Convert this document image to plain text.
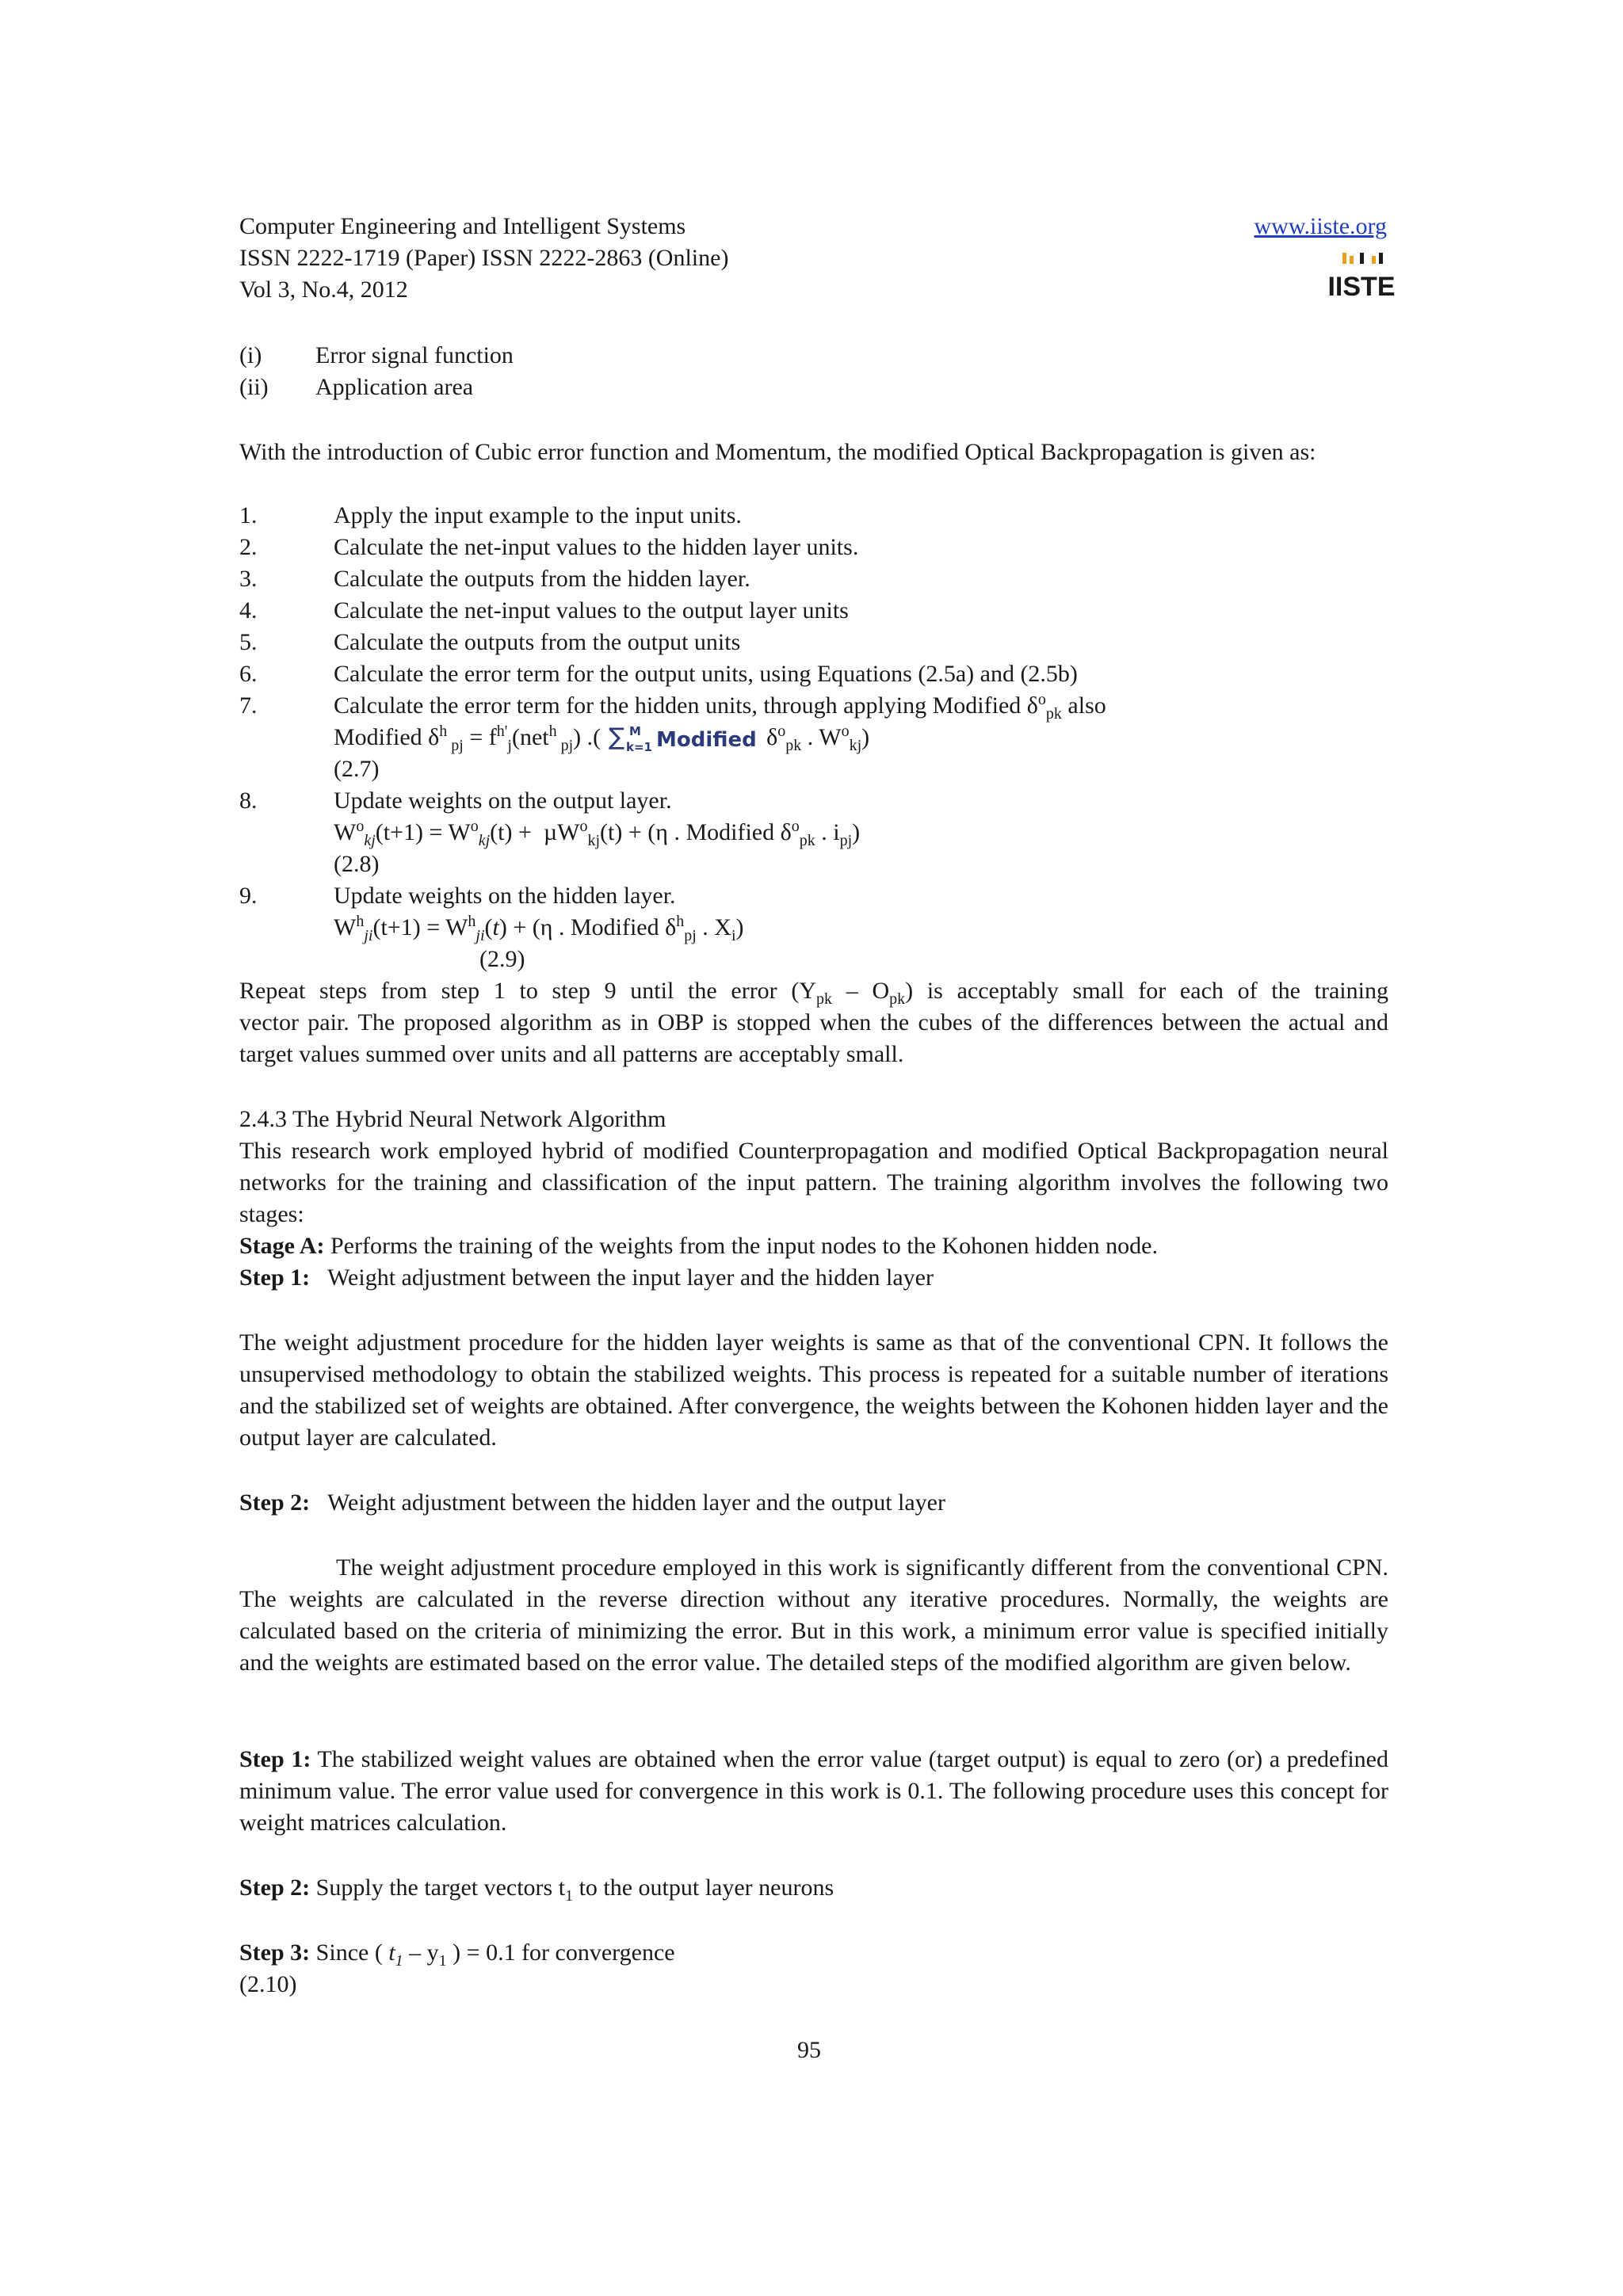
Computer Engineering and Intelligent Systems
ISSN 2222-1719 (Paper) ISSN 2222-2863 (Online)
Vol 3, No.4, 2012
www.iiste.org
IISTE
(i) Error signal function
(ii) Application area
With the introduction of Cubic error function and Momentum, the modified Optical Backpropagation is given as:
1.	Apply the input example to the input units.
2.	Calculate the net-input values to the hidden layer units.
3.	Calculate the outputs from the hidden layer.
4.	Calculate the net-input values to the output layer units
5.	Calculate the outputs from the output units
6.	Calculate the error term for the output units, using Equations (2.5a) and (2.5b)
7.	Calculate the error term for the hidden units, through applying Modified $\delta^o_{pk}$ also
Modified $\delta^h$ $_{pj} = f^{h'}_j(net^h$ $_{pj}$) .( ∑ M
k=1 Modified $\delta^o_{pk}$ . $W^o_{kj}$)
(2.7)
8.	Update weights on the output layer.
$W^o_{kj}(t+1) = W^o_{kj}(t) + \mu W^o_{kj}(t) + (\eta$ . Modified $\delta^o_{pk}$ . $i_{pj}$)
(2.8)
9.	Update weights on the hidden layer.
$W^h_{ji}(t+1) = W^h_{ji}(t) + (\eta$ . Modified $\delta^h_{pj}$ . $X_i$)
(2.9)
Repeat steps from step 1 to step 9 until the error $(Y_{pk} - O_{pk})$ is acceptably small for each of the training
vector pair. The proposed algorithm as in OBP is stopped when the cubes of the differences between the actual and target values summed over units and all patterns are acceptably small.
2.4.3 The Hybrid Neural Network Algorithm
This research work employed hybrid of modified Counterpropagation and modified Optical Backpropagation neural networks for the training and classification of the input pattern. The training algorithm involves the following two stages:
Stage A: Performs the training of the weights from the input nodes to the Kohonen hidden node.
Step 1: Weight adjustment between the input layer and the hidden layer
The weight adjustment procedure for the hidden layer weights is same as that of the conventional CPN. It follows the unsupervised methodology to obtain the stabilized weights. This process is repeated for a suitable number of iterations and the stabilized set of weights are obtained. After convergence, the weights between the Kohonen hidden layer and the output layer are calculated.
Step 2: Weight adjustment between the hidden layer and the output layer
The weight adjustment procedure employed in this work is significantly different from the conventional CPN. The weights are calculated in the reverse direction without any iterative procedures. Normally, the weights are calculated based on the criteria of minimizing the error. But in this work, a minimum error value is specified initially and the weights are estimated based on the error value. The detailed steps of the modified algorithm are given below.
Step 1: The stabilized weight values are obtained when the error value (target output) is equal to zero (or) a predefined minimum value. The error value used for convergence in this work is 0.1. The following procedure uses this concept for weight matrices calculation.
Step 2: Supply the target vectors $t_1$ to the output layer neurons
Step 3: Since ( $t_1 - y_1$ ) = 0.1 for convergence
(2.10)
95
